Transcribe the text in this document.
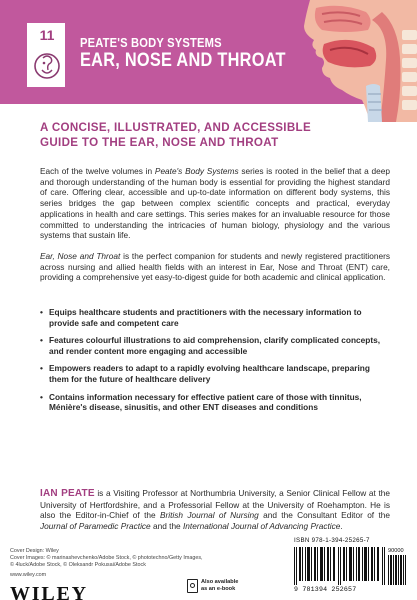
11	PEATE'S BODY SYSTEMS
EAR, NOSE AND THROAT
A CONCISE, ILLUSTRATED, AND ACCESSIBLE
GUIDE TO THE EAR, NOSE AND THROAT

Each of the twelve volumes in Peate's Body Systems series is rooted in the belief that a deep and thorough understanding of the human body is essential for providing the highest standard of care. Offering clear, accessible and up-to-date information on different body systems, this series bridges the gap between complex scientific concepts and practical, everyday applications in health and care settings. This series makes for an invaluable resource for those committed to understanding the intricacies of human biology, physiology and the various systems that sustain life.

Ear, Nose and Throat is the perfect companion for students and newly registered practitioners across nursing and allied health fields with an interest in Ear, Nose and Throat (ENT) care, providing a comprehensive yet easy-to-digest guide for both academic and clinical application.

• Equips healthcare students and practitioners with the necessary information to provide safe and competent care
• Features colourful illustrations to aid comprehension, clarify complicated concepts, and render content more engaging and accessible
• Empowers readers to adapt to a rapidly evolving healthcare landscape, preparing them for the future of healthcare delivery
• Contains information necessary for effective patient care of those with tinnitus, Ménière's disease, sinusitis, and other ENT diseases and conditions

IAN PEATE is a Visiting Professor at Northumbria University, a Senior Clinical Fellow at the University of Hertfordshire, and a Professorial Fellow at the University of Roehampton. He is also the Editor-in-Chief of the British Journal of Nursing and the Consultant Editor of the Journal of Paramedic Practice and the International Journal of Advancing Practice.

Cover Design: Wiley
Cover Images: © marinashevchenko/Adobe Stock, © phototechno/Getty Images,
© 4luck/Adobe Stock, © Oleksandr Pokusai/Adobe Stock
www.wiley.com
WILEY
Also available
as an e-book
ISBN 978-1-394-25265-7
90000
9 781394 252657
